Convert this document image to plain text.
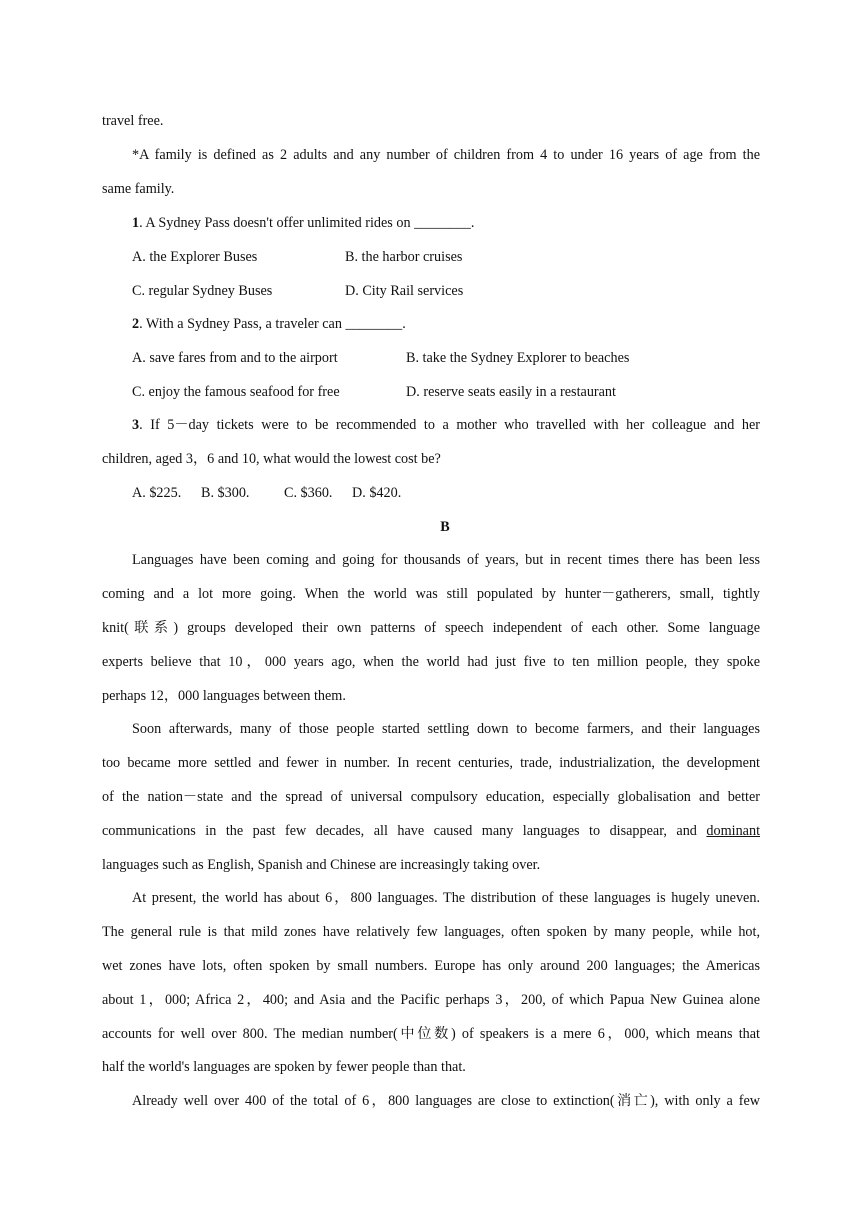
travel free.
*A family is defined as 2 adults and any number of children from 4 to under 16 years of age from the
same family.
1. A Sydney Pass doesn't offer unlimited rides on ________.
A. the Explorer Buses	B. the harbor cruises
C. regular Sydney Buses	D. City Rail services
2. With a Sydney Pass, a traveler can ________.
A. save fares from and to the airport	B. take the Sydney Explorer to beaches
C. enjoy the famous seafood for free	D. reserve seats easily in a restaurant
3. If 5－day tickets were to be recommended to a mother who travelled with her colleague and her
children, aged 3，6 and 10, what would the lowest cost be?
A. $225. B. $300. C. $360. D. $420.
B
Languages have been coming and going for thousands of years, but in recent times there has been less
coming and a lot more going. When the world was still populated by hunter－gatherers, small, tightly
knit(联系) groups developed their own patterns of speech independent of each other. Some language
experts believe that 10，000 years ago, when the world had just five to ten million people, they spoke
perhaps 12，000 languages between them.
Soon afterwards, many of those people started settling down to become farmers, and their languages
too became more settled and fewer in number. In recent centuries, trade, industrialization, the development
of the nation－state and the spread of universal compulsory education, especially globalisation and better
communications in the past few decades, all have caused many languages to disappear, and dominant
languages such as English, Spanish and Chinese are increasingly taking over.
At present, the world has about 6，800 languages. The distribution of these languages is hugely uneven.
The general rule is that mild zones have relatively few languages, often spoken by many people, while hot,
wet zones have lots, often spoken by small numbers. Europe has only around 200 languages; the Americas
about 1，000; Africa 2，400; and Asia and the Pacific perhaps 3，200, of which Papua New Guinea alone
accounts for well over 800. The median number(中位数) of speakers is a mere 6，000, which means that
half the world's languages are spoken by fewer people than that.
Already well over 400 of the total of 6，800 languages are close to extinction(消亡), with only a few
